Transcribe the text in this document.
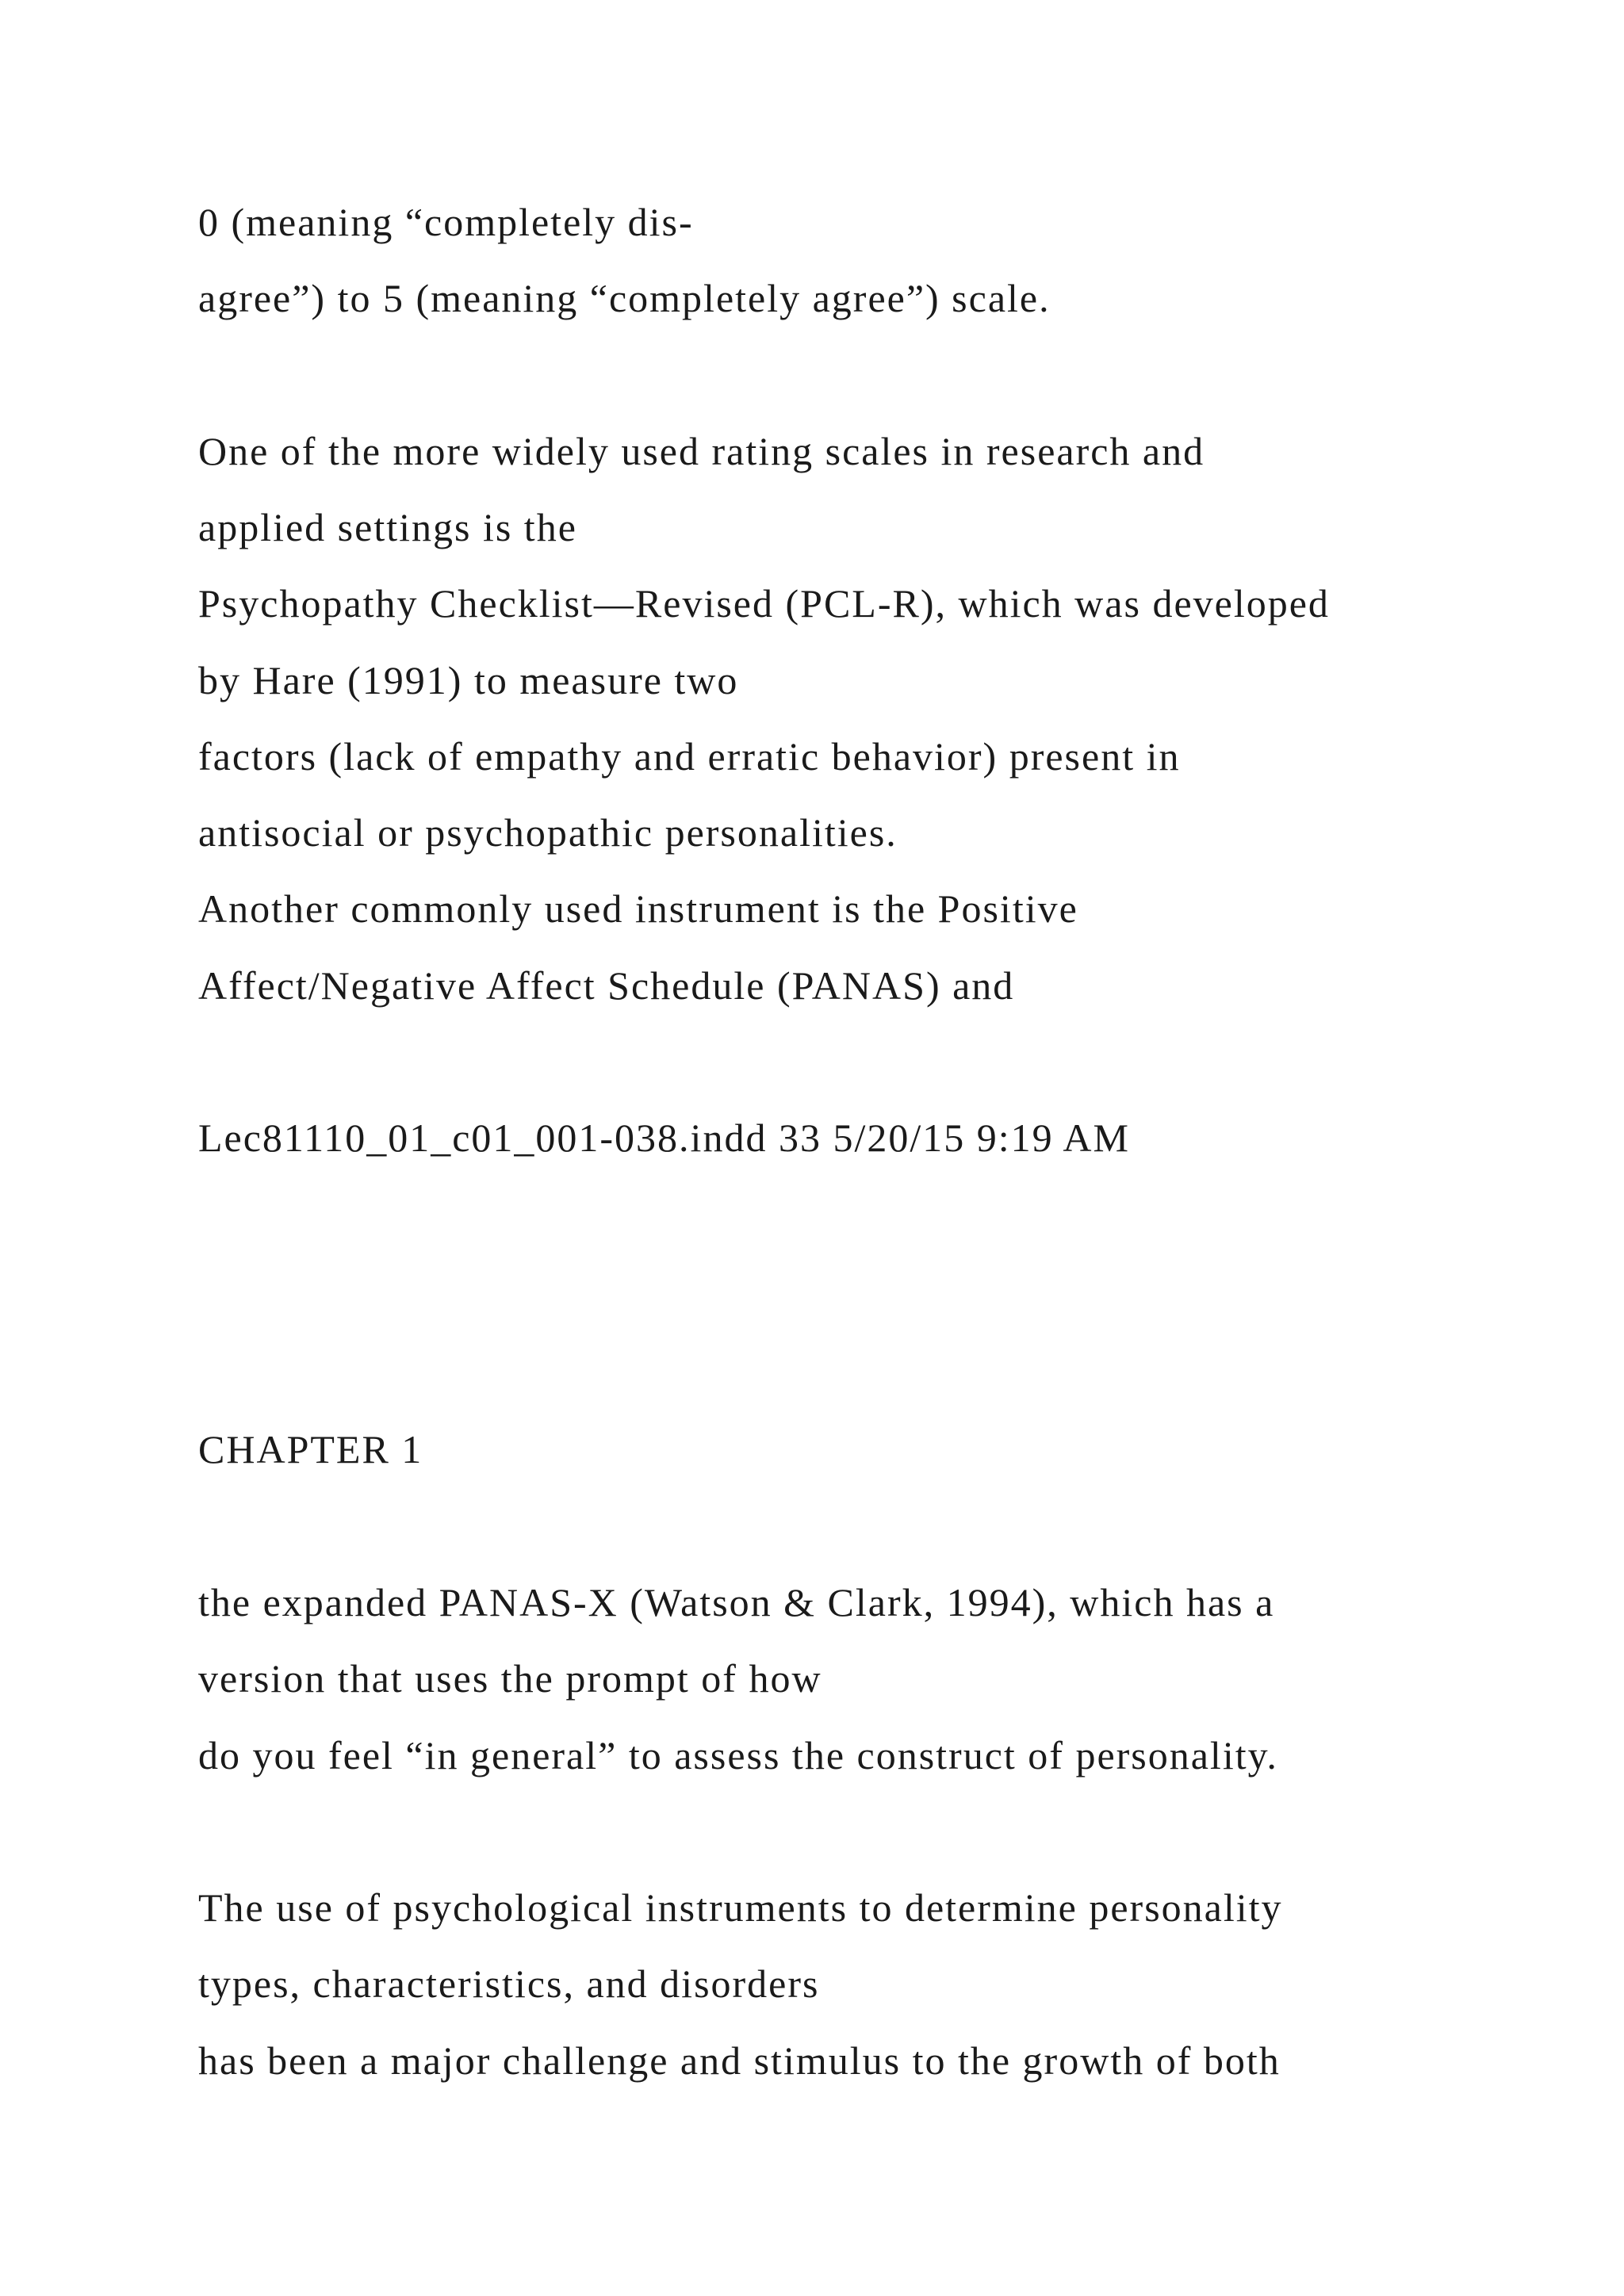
0 (meaning “completely dis-
agree”) to 5 (meaning “completely agree”) scale.
One of the more widely used rating scales in research and
applied settings is the
Psychopathy Checklist—Revised (PCL-R), which was developed
by Hare (1991) to measure two
factors (lack of empathy and erratic behavior) present in
antisocial or psychopathic personalities.
Another commonly used instrument is the Positive
Affect/Negative Affect Schedule (PANAS) and
Lec81110_01_c01_001-038.indd 33 5/20/15 9:19 AM
CHAPTER 1
the expanded PANAS-X (Watson & Clark, 1994), which has a
version that uses the prompt of how
do you feel “in general” to assess the construct of personality.
The use of psychological instruments to determine personality
types, characteristics, and disorders
has been a major challenge and stimulus to the growth of both
